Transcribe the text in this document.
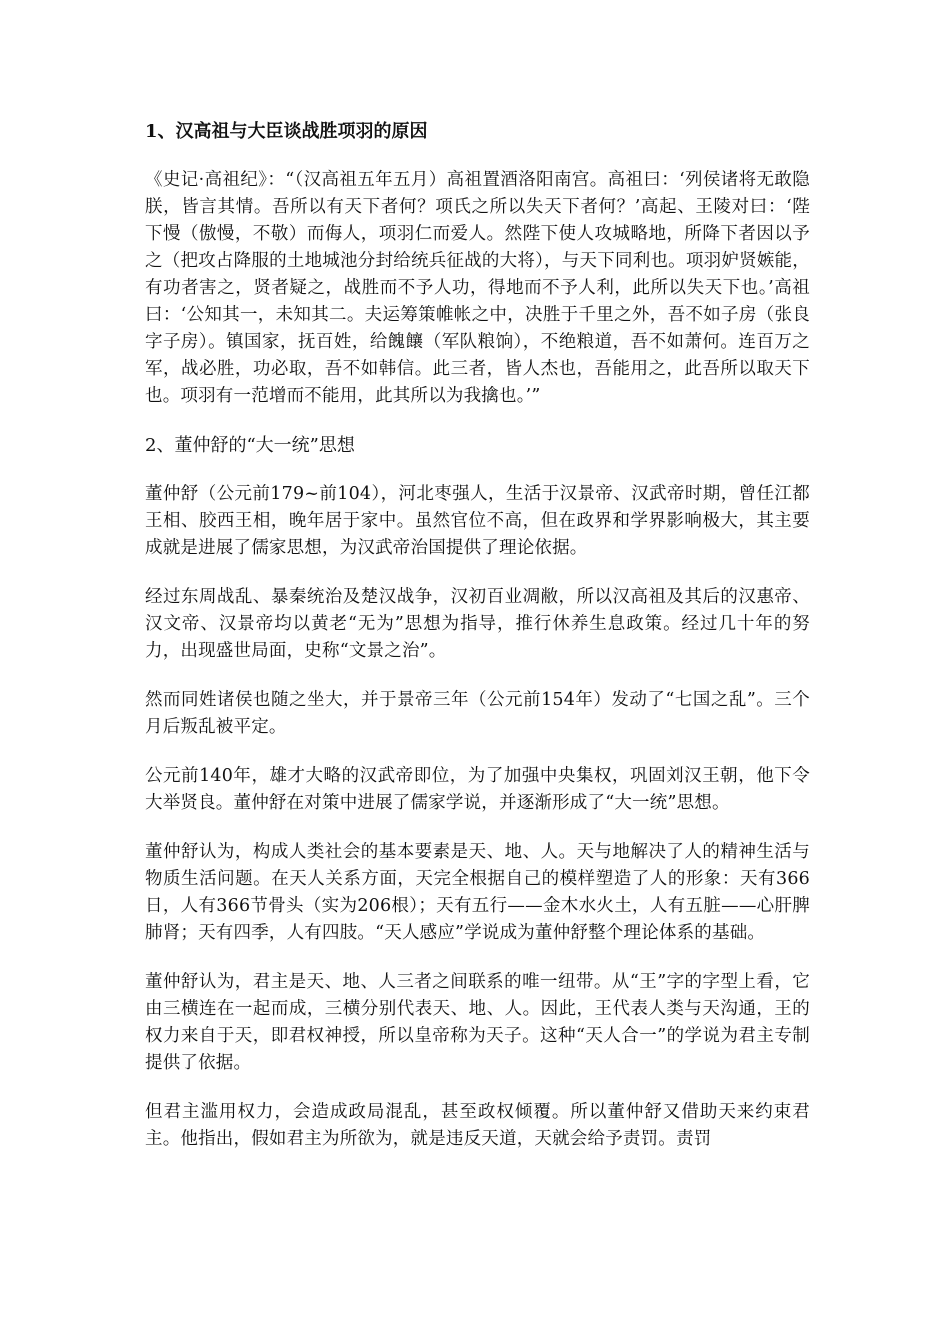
1、汉高祖与大臣谈战胜项羽的原因

《史记·高祖纪》：“（汉高祖五年五月）高祖置酒洛阳南宫。高祖曰：‘列侯诸将无敢隐朕，皆言其情。吾所以有天下者何？项氏之所以失天下者何？’高起、王陵对曰：‘陛下慢（傲慢，不敬）而侮人，项羽仁而爱人。然陛下使人攻城略地，所降下者因以予之（把攻占降服的土地城池分封给统兵征战的大将），与天下同利也。项羽妒贤嫉能，有功者害之，贤者疑之，战胜而不予人功，得地而不予人利，此所以失天下也。’高祖曰：‘公知其一，未知其二。夫运筹策帷帐之中，决胜于千里之外，吾不如子房（张良字子房）。镇国家，抚百姓，给餽饟（军队粮饷），不绝粮道，吾不如萧何。连百万之军，战必胜，功必取，吾不如韩信。此三者，皆人杰也，吾能用之，此吾所以取天下也。项羽有一范增而不能用，此其所以为我擒也。’”

2、董仲舒的“大一统”思想

董仲舒（公元前179~前104），河北枣强人，生活于汉景帝、汉武帝时期，曾任江都王相、胶西王相，晚年居于家中。虽然官位不高，但在政界和学界影响极大，其主要成就是进展了儒家思想，为汉武帝治国提供了理论依据。

经过东周战乱、暴秦统治及楚汉战争，汉初百业凋敝，所以汉高祖及其后的汉惠帝、汉文帝、汉景帝均以黄老“无为”思想为指导，推行休养生息政策。经过几十年的努力，出现盛世局面，史称“文景之治”。

然而同姓诸侯也随之坐大，并于景帝三年（公元前154年）发动了“七国之乱”。三个月后叛乱被平定。

公元前140年，雄才大略的汉武帝即位，为了加强中央集权，巩固刘汉王朝，他下令大举贤良。董仲舒在对策中进展了儒家学说，并逐渐形成了“大一统”思想。

董仲舒认为，构成人类社会的基本要素是天、地、人。天与地解决了人的精神生活与物质生活问题。在天人关系方面，天完全根据自己的模样塑造了人的形象：天有366日，人有366节骨头（实为206根）；天有五行——金木水火土，人有五脏——心肝脾肺肾；天有四季，人有四肢。“天人感应”学说成为董仲舒整个理论体系的基础。

董仲舒认为，君主是天、地、人三者之间联系的唯一纽带。从“王”字的字型上看，它由三横连在一起而成，三横分别代表天、地、人。因此，王代表人类与天沟通，王的权力来自于天，即君权神授，所以皇帝称为天子。这种“天人合一”的学说为君主专制提供了依据。

但君主滥用权力，会造成政局混乱，甚至政权倾覆。所以董仲舒又借助天来约束君主。他指出，假如君主为所欲为，就是违反天道，天就会给予责罚。责罚
